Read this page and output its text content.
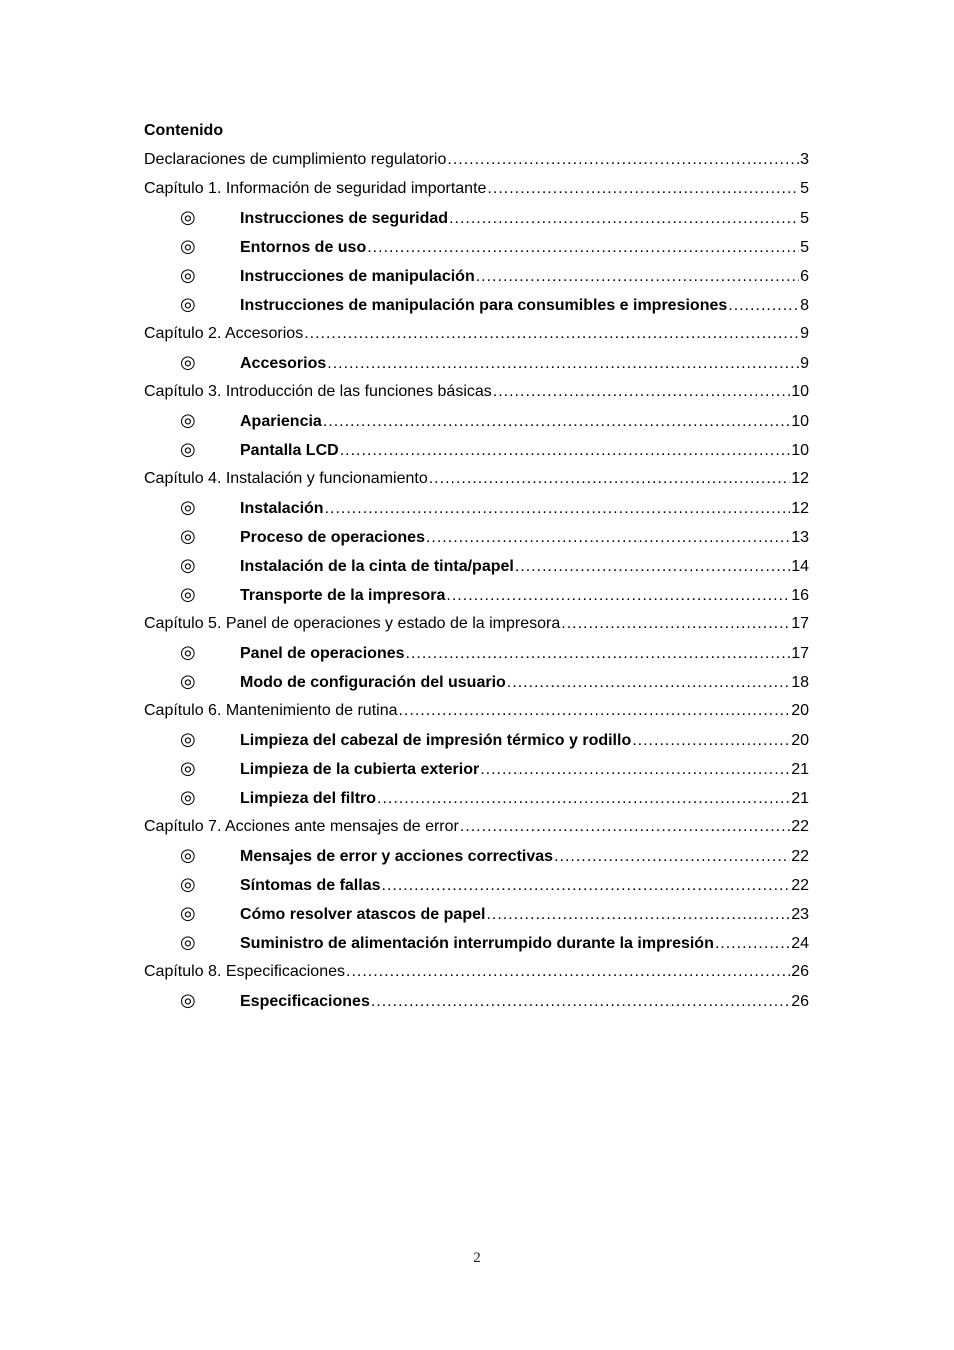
Contenido
Declaraciones de cumplimiento regulatorio .....	3
Capítulo 1. Información de seguridad importante .....	5
◎	Instrucciones de seguridad .....	5
◎	Entornos de uso .....	5
◎	Instrucciones de manipulación .....	6
◎	Instrucciones de manipulación para consumibles e impresiones .....	8
Capítulo 2. Accesorios .....	9
◎	Accesorios .....	9
Capítulo 3. Introducción de las funciones básicas .....	10
◎	Apariencia .....	10
◎	Pantalla LCD .....	10
Capítulo 4. Instalación y funcionamiento .....	12
◎	Instalación .....	12
◎	Proceso de operaciones .....	13
◎	Instalación de la cinta de tinta/papel .....	14
◎	Transporte de la impresora .....	16
Capítulo 5. Panel de operaciones y estado de la impresora .....	17
◎	Panel de operaciones .....	17
◎	Modo de configuración del usuario .....	18
Capítulo 6. Mantenimiento de rutina .....	20
◎	Limpieza del cabezal de impresión térmico y rodillo .....	20
◎	Limpieza de la cubierta exterior .....	21
◎	Limpieza del filtro .....	21
Capítulo 7. Acciones ante mensajes de error .....	22
◎	Mensajes de error y acciones correctivas .....	22
◎	Síntomas de fallas .....	22
◎	Cómo resolver atascos de papel .....	23
◎	Suministro de alimentación interrumpido durante la impresión .....	24
Capítulo 8. Especificaciones .....	26
◎	Especificaciones .....	26
2
